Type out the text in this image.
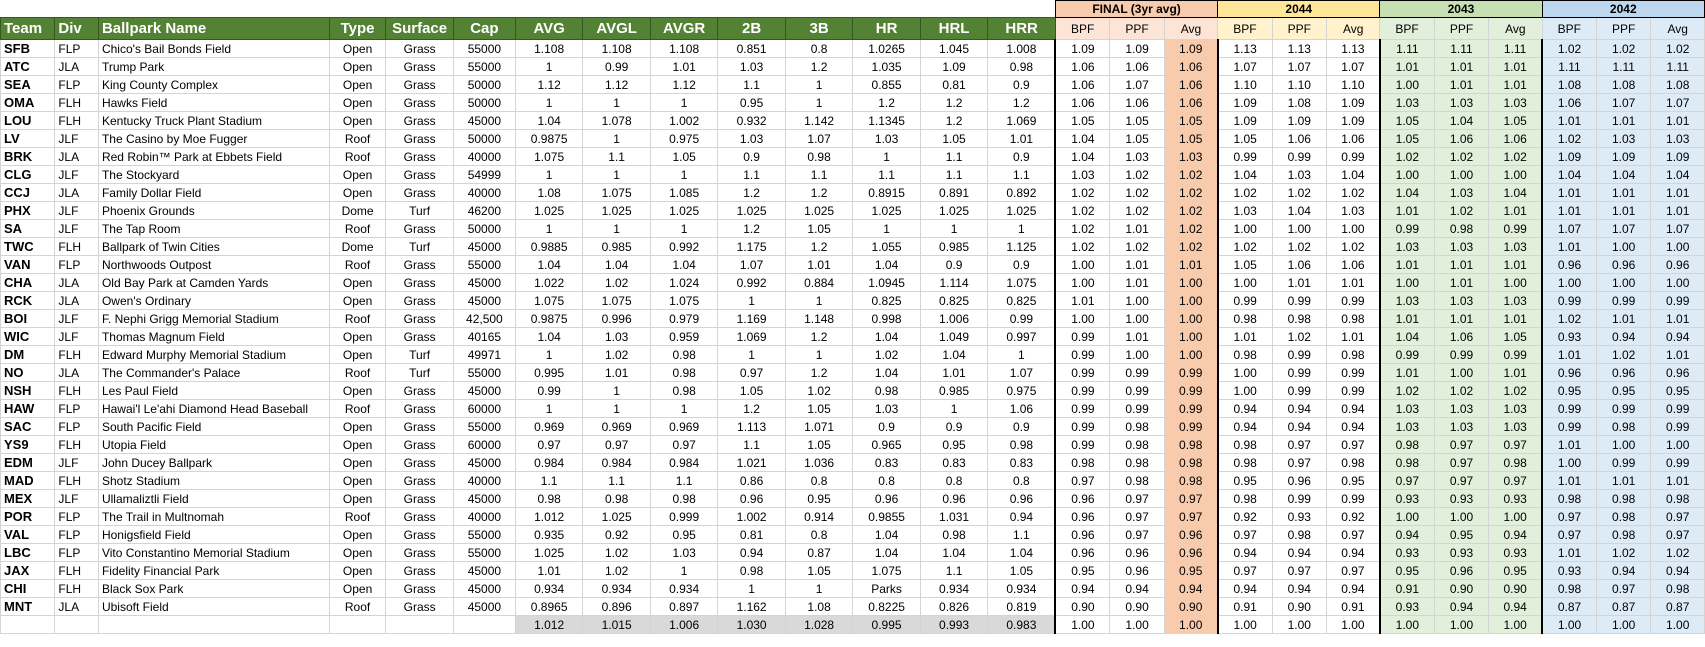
														FINAL (3yr avg)			2044			2043			2042		
Team	Div	Ballpark Name	Type	Surface	Cap	AVG	AVGL	AVGR	2B	3B	HR	HRL	HRR	BPF	PPF	Avg	BPF	PPF	Avg	BPF	PPF	Avg	BPF	PPF	Avg
SFB	FLP	Chico's Bail Bonds Field	Open	Grass	55000	1.108	1.108	1.108	0.851	0.8	1.0265	1.045	1.008	1.09	1.09	1.09	1.13	1.13	1.13	1.11	1.11	1.11	1.02	1.02	1.02
ATC	JLA	Trump Park	Open	Grass	55000	1	0.99	1.01	1.03	1.2	1.035	1.09	0.98	1.06	1.06	1.06	1.07	1.07	1.07	1.01	1.01	1.01	1.11	1.11	1.11
SEA	FLP	King County Complex	Open	Grass	50000	1.12	1.12	1.12	1.1	1	0.855	0.81	0.9	1.06	1.07	1.06	1.10	1.10	1.10	1.00	1.01	1.01	1.08	1.08	1.08
OMA	FLH	Hawks Field	Open	Grass	50000	1	1	1	0.95	1	1.2	1.2	1.2	1.06	1.06	1.06	1.09	1.08	1.09	1.03	1.03	1.03	1.06	1.07	1.07
LOU	FLH	Kentucky Truck Plant Stadium	Open	Grass	45000	1.04	1.078	1.002	0.932	1.142	1.1345	1.2	1.069	1.05	1.05	1.05	1.09	1.09	1.09	1.05	1.04	1.05	1.01	1.01	1.01
LV	JLF	The Casino by Moe Fugger	Roof	Grass	50000	0.9875	1	0.975	1.03	1.07	1.03	1.05	1.01	1.04	1.05	1.05	1.05	1.06	1.06	1.05	1.06	1.06	1.02	1.03	1.03
BRK	JLA	Red Robin™ Park at Ebbets Field	Roof	Grass	40000	1.075	1.1	1.05	0.9	0.98	1	1.1	0.9	1.04	1.03	1.03	0.99	0.99	0.99	1.02	1.02	1.02	1.09	1.09	1.09
CLG	JLF	The Stockyard	Open	Grass	54999	1	1	1	1.1	1.1	1.1	1.1	1.1	1.03	1.02	1.02	1.04	1.03	1.04	1.00	1.00	1.00	1.04	1.04	1.04
CCJ	JLA	Family Dollar Field	Open	Grass	40000	1.08	1.075	1.085	1.2	1.2	0.8915	0.891	0.892	1.02	1.02	1.02	1.02	1.02	1.02	1.04	1.03	1.04	1.01	1.01	1.01
PHX	JLF	Phoenix Grounds	Dome	Turf	46200	1.025	1.025	1.025	1.025	1.025	1.025	1.025	1.025	1.02	1.02	1.02	1.03	1.04	1.03	1.01	1.02	1.01	1.01	1.01	1.01
SA	JLF	The Tap Room	Roof	Grass	50000	1	1	1	1.2	1.05	1	1	1	1.02	1.01	1.02	1.00	1.00	1.00	0.99	0.98	0.99	1.07	1.07	1.07
TWC	FLH	Ballpark of Twin Cities	Dome	Turf	45000	0.9885	0.985	0.992	1.175	1.2	1.055	0.985	1.125	1.02	1.02	1.02	1.02	1.02	1.02	1.03	1.03	1.03	1.01	1.00	1.00
VAN	FLP	Northwoods Outpost	Roof	Grass	55000	1.04	1.04	1.04	1.07	1.01	1.04	0.9	0.9	1.00	1.01	1.01	1.05	1.06	1.06	1.01	1.01	1.01	0.96	0.96	0.96
CHA	JLA	Old Bay Park at Camden Yards	Open	Grass	45000	1.022	1.02	1.024	0.992	0.884	1.0945	1.114	1.075	1.00	1.01	1.00	1.00	1.01	1.01	1.00	1.01	1.00	1.00	1.00	1.00
RCK	JLA	Owen's Ordinary	Open	Grass	45000	1.075	1.075	1.075	1	1	0.825	0.825	0.825	1.01	1.00	1.00	0.99	0.99	0.99	1.03	1.03	1.03	0.99	0.99	0.99
BOI	JLF	F. Nephi Grigg Memorial Stadium	Roof	Grass	42,500	0.9875	0.996	0.979	1.169	1.148	0.998	1.006	0.99	1.00	1.00	1.00	0.98	0.98	0.98	1.01	1.01	1.01	1.02	1.01	1.01
WIC	JLF	Thomas Magnum Field	Open	Grass	40165	1.04	1.03	0.959	1.069	1.2	1.04	1.049	0.997	0.99	1.01	1.00	1.01	1.02	1.01	1.04	1.06	1.05	0.93	0.94	0.94
DM	FLH	Edward Murphy Memorial Stadium	Open	Turf	49971	1	1.02	0.98	1	1	1.02	1.04	1	0.99	1.00	1.00	0.98	0.99	0.98	0.99	0.99	0.99	1.01	1.02	1.01
NO	JLA	The Commander's Palace	Roof	Turf	55000	0.995	1.01	0.98	0.97	1.2	1.04	1.01	1.07	0.99	0.99	0.99	1.00	0.99	0.99	1.01	1.00	1.01	0.96	0.96	0.96
NSH	FLH	Les Paul Field	Open	Grass	45000	0.99	1	0.98	1.05	1.02	0.98	0.985	0.975	0.99	0.99	0.99	1.00	0.99	0.99	1.02	1.02	1.02	0.95	0.95	0.95
HAW	FLP	Hawai'l Le'ahi Diamond Head Baseball	Roof	Grass	60000	1	1	1	1.2	1.05	1.03	1	1.06	0.99	0.99	0.99	0.94	0.94	0.94	1.03	1.03	1.03	0.99	0.99	0.99
SAC	FLP	South Pacific Field	Open	Grass	55000	0.969	0.969	0.969	1.113	1.071	0.9	0.9	0.9	0.99	0.98	0.99	0.94	0.94	0.94	1.03	1.03	1.03	0.99	0.98	0.99
YS9	FLH	Utopia Field	Open	Grass	60000	0.97	0.97	0.97	1.1	1.05	0.965	0.95	0.98	0.99	0.98	0.98	0.98	0.97	0.97	0.98	0.97	0.97	1.01	1.00	1.00
EDM	JLF	John Ducey Ballpark	Open	Grass	45000	0.984	0.984	0.984	1.021	1.036	0.83	0.83	0.83	0.98	0.98	0.98	0.98	0.97	0.98	0.98	0.97	0.98	1.00	0.99	0.99
MAD	FLH	Shotz Stadium	Open	Grass	40000	1.1	1.1	1.1	0.86	0.8	0.8	0.8	0.8	0.97	0.98	0.98	0.95	0.96	0.95	0.97	0.97	0.97	1.01	1.01	1.01
MEX	JLF	Ullamaliztli Field	Open	Grass	45000	0.98	0.98	0.98	0.96	0.95	0.96	0.96	0.96	0.96	0.97	0.97	0.98	0.99	0.99	0.93	0.93	0.93	0.98	0.98	0.98
POR	FLP	The Trail in Multnomah	Roof	Grass	40000	1.012	1.025	0.999	1.002	0.914	0.9855	1.031	0.94	0.96	0.97	0.97	0.92	0.93	0.92	1.00	1.00	1.00	0.97	0.98	0.97
VAL	FLP	Honigsfield Field	Open	Grass	55000	0.935	0.92	0.95	0.81	0.8	1.04	0.98	1.1	0.96	0.97	0.96	0.97	0.98	0.97	0.94	0.95	0.94	0.97	0.98	0.97
LBC	FLP	Vito Constantino Memorial Stadium	Open	Grass	55000	1.025	1.02	1.03	0.94	0.87	1.04	1.04	1.04	0.96	0.96	0.96	0.94	0.94	0.94	0.93	0.93	0.93	1.01	1.02	1.02
JAX	FLH	Fidelity Financial Park	Open	Grass	45000	1.01	1.02	1	0.98	1.05	1.075	1.1	1.05	0.95	0.96	0.95	0.97	0.97	0.97	0.95	0.96	0.95	0.93	0.94	0.94
CHI	FLH	Black Sox Park	Open	Grass	45000	0.934	0.934	0.934	1	1	Parks	0.934	0.934	0.94	0.94	0.94	0.94	0.94	0.94	0.91	0.90	0.90	0.98	0.97	0.98
MNT	JLA	Ubisoft Field	Roof	Grass	45000	0.8965	0.896	0.897	1.162	1.08	0.8225	0.826	0.819	0.90	0.90	0.90	0.91	0.90	0.91	0.93	0.94	0.94	0.87	0.87	0.87
						1.012	1.015	1.006	1.030	1.028	0.995	0.993	0.983	1.00	1.00	1.00	1.00	1.00	1.00	1.00	1.00	1.00	1.00	1.00	1.00
